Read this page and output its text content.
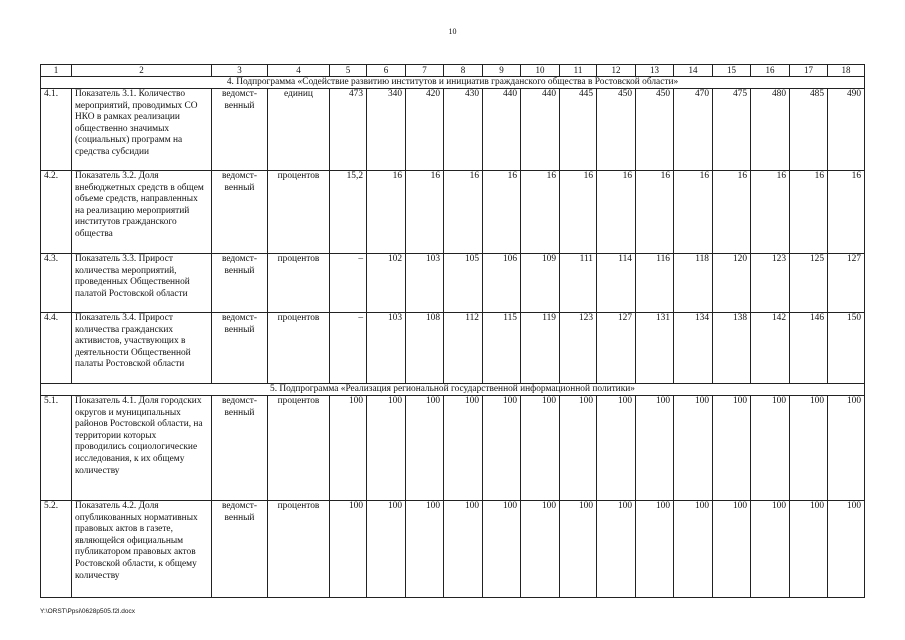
10
1	2	3	4	5	6	7	8	9	10	11	12	13	14	15	16	17	18
4. Подпрограмма «Содействие развитию институтов и инициатив гражданского общества в Ростовской области»																	
4.1.	Показатель 3.1. Количество мероприятий, проводимых СО НКО в рамках реализации общественно значимых (социальных) программ на средства субсидии	ведомст-венный	единиц	473	340	420	430	440	440	445	450	450	470	475	480	485	490
4.2.	Показатель 3.2. Доля внебюджетных средств в общем объеме средств, направленных на реализацию мероприятий институтов гражданского общества	ведомст-венный	процентов	15,2	16	16	16	16	16	16	16	16	16	16	16	16	16
4.3.	Показатель 3.3. Прирост количества мероприятий, проведенных Общественной палатой Ростовской области	ведомст-венный	процентов	–	102	103	105	106	109	111	114	116	118	120	123	125	127
4.4.	Показатель 3.4. Прирост количества гражданских активистов, участвующих в деятельности Общественной палаты Ростовской области	ведомст-венный	процентов	–	103	108	112	115	119	123	127	131	134	138	142	146	150
5. Подпрограмма «Реализация региональной государственной информационной политики»																	
5.1.	Показатель 4.1. Доля городских округов и муниципальных районов Ростовской области, на территории которых проводились социологические исследования, к их общему количеству	ведомст-венный	процентов	100	100	100	100	100	100	100	100	100	100	100	100	100	100
5.2.	Показатель 4.2. Доля опубликованных нормативных правовых актов в газете, являющейся официальным публикатором правовых актов Ростовской области, к общему количеству	ведомст-венный	процентов	100	100	100	100	100	100	100	100	100	100	100	100	100	100
Y:\ORST\Ppsi\0628p505.f2l.docx
